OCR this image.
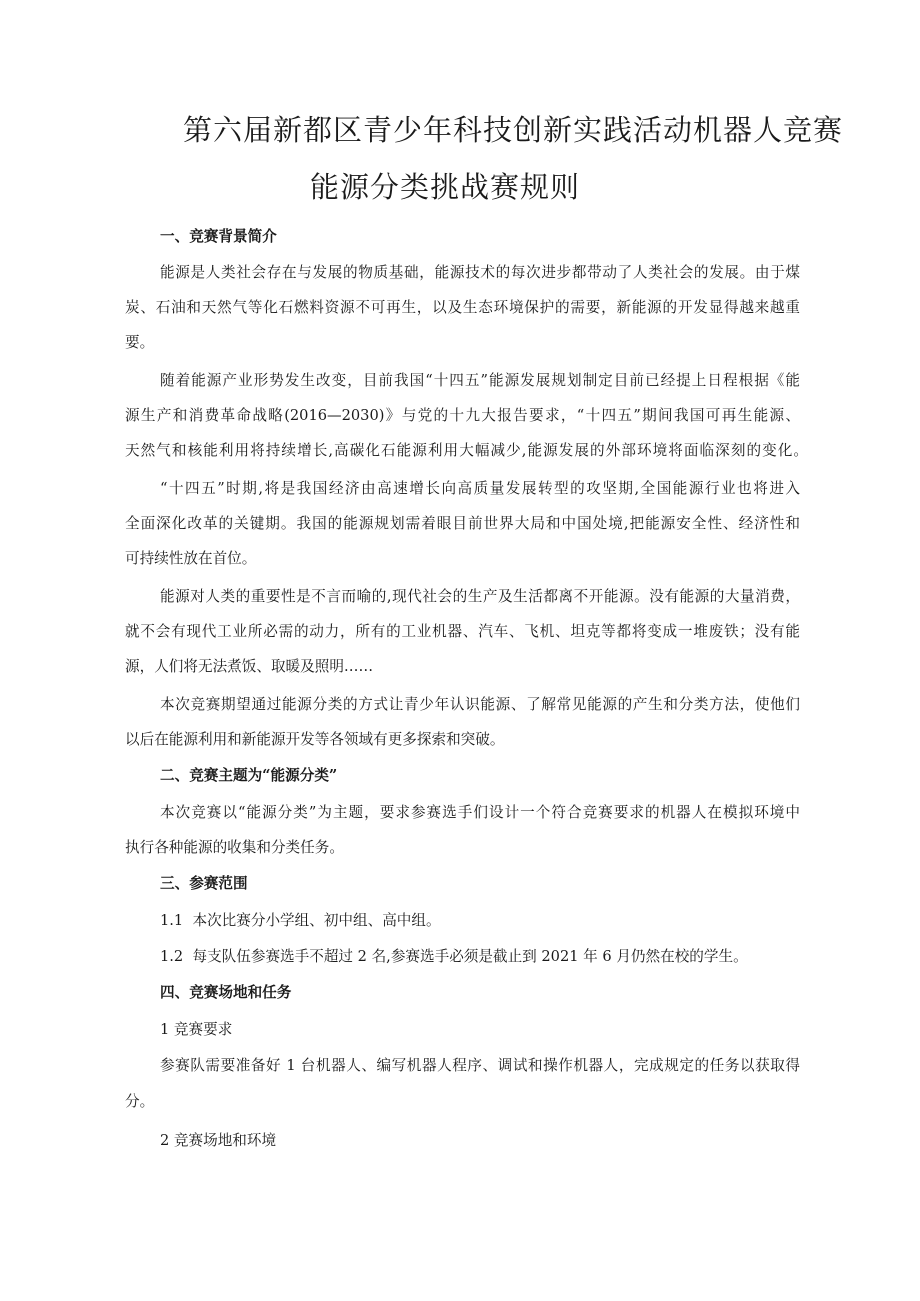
第六届新都区青少年科技创新实践活动机器人竞赛
能源分类挑战赛规则
一、竞赛背景简介
能源是人类社会存在与发展的物质基础，能源技术的每次进步都带动了人类社会的发展。由于煤
炭、石油和天然气等化石燃料资源不可再生，以及生态环境保护的需要，新能源的开发显得越来越重
要。
随着能源产业形势发生改变，目前我国“十四五”能源发展规划制定目前已经提上日程根据《能
源生产和消费革命战略(2016—2030)》与党的十九大报告要求，“十四五”期间我国可再生能源、
天然气和核能利用将持续增长,高碳化石能源利用大幅减少,能源发展的外部环境将面临深刻的变化。
“十四五”时期,将是我国经济由高速增长向高质量发展转型的攻坚期,全国能源行业也将进入
全面深化改革的关键期。我国的能源规划需着眼目前世界大局和中国处境,把能源安全性、经济性和
可持续性放在首位。
能源对人类的重要性是不言而喻的,现代社会的生产及生活都离不开能源。没有能源的大量消费，
就不会有现代工业所必需的动力，所有的工业机器、汽车、飞机、坦克等都将变成一堆废铁；没有能
源，人们将无法煮饭、取暖及照明……
本次竞赛期望通过能源分类的方式让青少年认识能源、了解常见能源的产生和分类方法，使他们
以后在能源利用和新能源开发等各领域有更多探索和突破。
二、竞赛主题为“能源分类”
本次竞赛以“能源分类”为主题，要求参赛选手们设计一个符合竞赛要求的机器人在模拟环境中
执行各种能源的收集和分类任务。
三、参赛范围
1.1  本次比赛分小学组、初中组、高中组。
1.2  每支队伍参赛选手不超过 2 名,参赛选手必须是截止到 2021 年 6 月仍然在校的学生。
四、竞赛场地和任务
1 竞赛要求
参赛队需要准备好 1 台机器人、编写机器人程序、调试和操作机器人，完成规定的任务以获取得
分。
2 竞赛场地和环境
